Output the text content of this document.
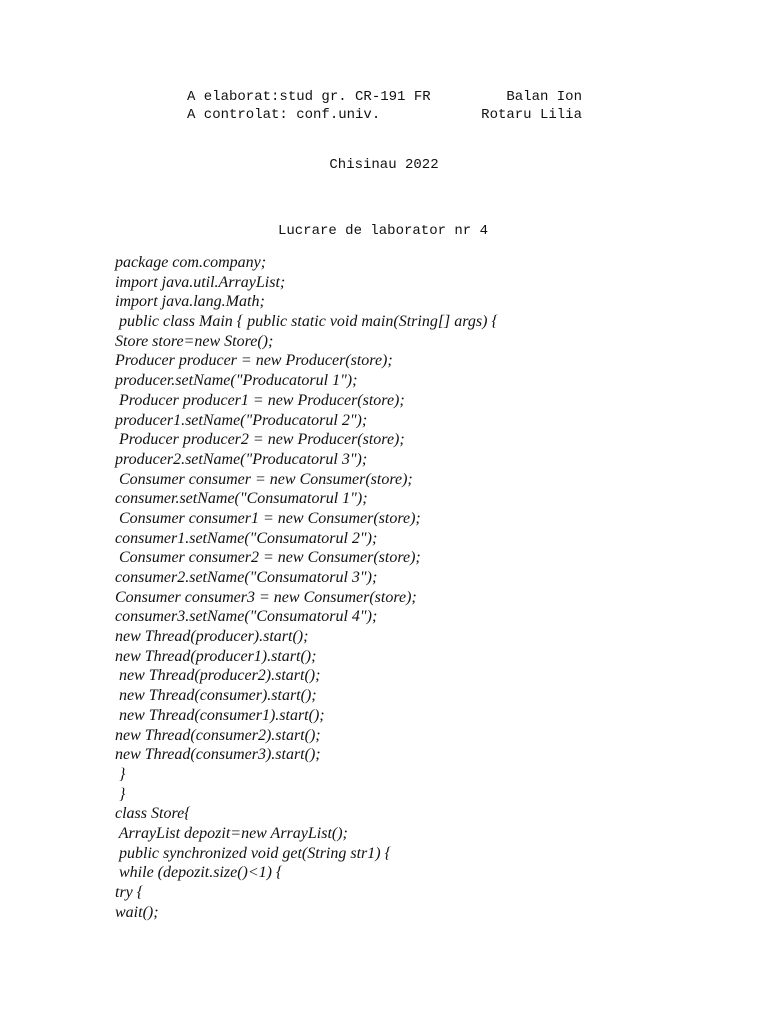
A elaborat:stud gr. CR-191 FR	Balan Ion
A controlat: conf.univ.	Rotaru Lilia
Chisinau 2022
Lucrare de laborator nr 4
package com.company;
import java.util.ArrayList;
import java.lang.Math;
public class Main { public static void main(String[] args) {
Store store=new Store();
Producer producer = new Producer(store);
producer.setName("Producatorul 1");
Producer producer1 = new Producer(store);
producer1.setName("Producatorul 2");
Producer producer2 = new Producer(store);
producer2.setName("Producatorul 3");
Consumer consumer = new Consumer(store);
consumer.setName("Consumatorul 1");
Consumer consumer1 = new Consumer(store);
consumer1.setName("Consumatorul 2");
Consumer consumer2 = new Consumer(store);
consumer2.setName("Consumatorul 3");
Consumer consumer3 = new Consumer(store);
consumer3.setName("Consumatorul 4");
new Thread(producer).start();
new Thread(producer1).start();
new Thread(producer2).start();
new Thread(consumer).start();
new Thread(consumer1).start();
new Thread(consumer2).start();
new Thread(consumer3).start();
}
}
class Store{
ArrayList depozit=new ArrayList();
public synchronized void get(String str1) {
while (depozit.size()<1) {
try {
wait();
